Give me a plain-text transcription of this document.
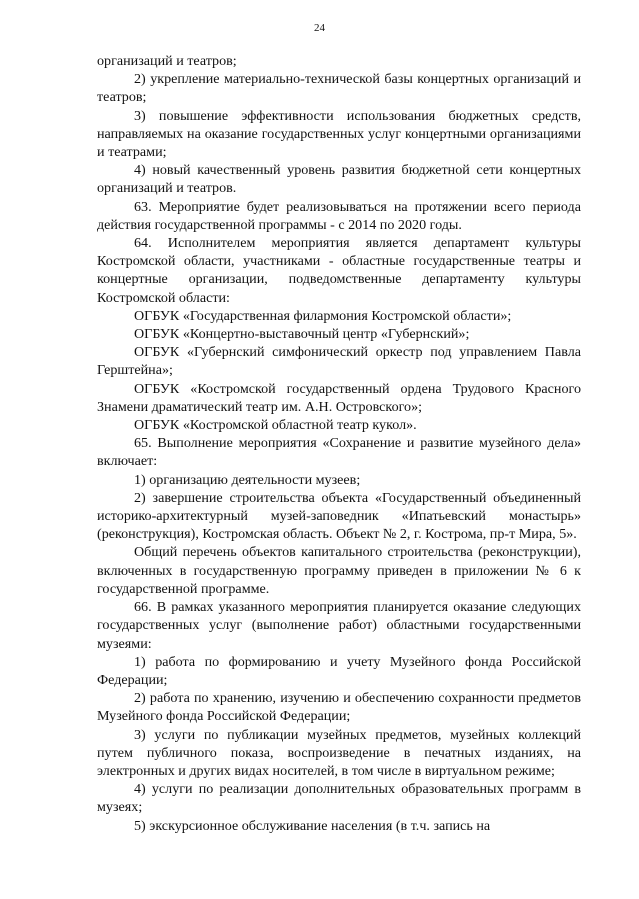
24

организаций и театров;

2) укрепление материально-технической базы концертных организаций и театров;

3) повышение эффективности использования бюджетных средств, направляемых на оказание государственных услуг концертными организациями и театрами;

4) новый качественный уровень развития бюджетной сети концертных организаций и театров.

63. Мероприятие будет реализовываться на протяжении всего периода действия государственной программы - с 2014 по 2020 годы.

64. Исполнителем мероприятия является департамент культуры Костромской области, участниками - областные государственные театры и концертные организации, подведомственные департаменту культуры Костромской области:

ОГБУК «Государственная филармония Костромской области»;

ОГБУК «Концертно-выставочный центр «Губернский»;

ОГБУК «Губернский симфонический оркестр под управлением Павла Герштейна»;

ОГБУК «Костромской государственный ордена Трудового Красного Знамени драматический театр им. А.Н. Островского»;

ОГБУК «Костромской областной театр кукол».

65. Выполнение мероприятия «Сохранение и развитие музейного дела» включает:

1) организацию деятельности музеев;

2) завершение строительства объекта «Государственный объединенный историко-архитектурный музей-заповедник «Ипатьевский монастырь» (реконструкция), Костромская область. Объект № 2, г. Кострома, пр-т Мира, 5».

Общий перечень объектов капитального строительства (реконструкции), включенных в государственную программу приведен в приложении № 6 к государственной программе.

66. В рамках указанного мероприятия планируется оказание следующих государственных услуг (выполнение работ) областными государственными музеями:

1) работа по формированию и учету Музейного фонда Российской Федерации;

2) работа по хранению, изучению и обеспечению сохранности предметов Музейного фонда Российской Федерации;

3) услуги по публикации музейных предметов, музейных коллекций путем публичного показа, воспроизведение в печатных изданиях, на электронных и других видах носителей, в том числе в виртуальном режиме;

4) услуги по реализации дополнительных образовательных программ в музеях;

5) экскурсионное обслуживание населения (в т.ч. запись на
